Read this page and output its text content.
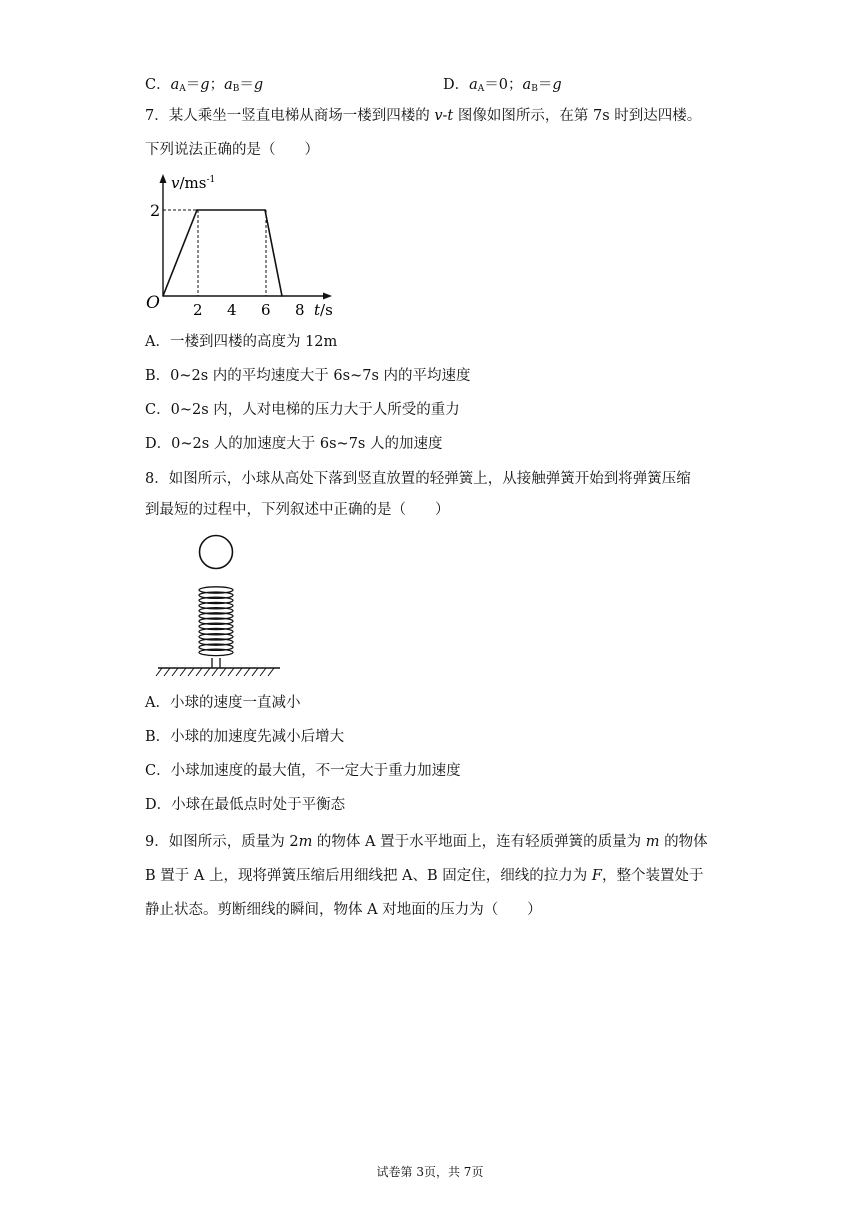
C．$a_A=g$；$a_B=g$	D．$a_A=0$；$a_B=g$
7．某人乘坐一竖直电梯从商场一楼到四楼的 v-t 图像如图所示，在第 7s 时到达四楼。
下列说法正确的是（　　）
2
O 2 4 6 8
$v/ms^{-1}$
t/s
A．一楼到四楼的高度为 12m
B．0~2s 内的平均速度大于 6s~7s 内的平均速度
C．0~2s 内，人对电梯的压力大于人所受的重力
D．0~2s 人的加速度大于 6s~7s 人的加速度
8．如图所示，小球从高处下落到竖直放置的轻弹簧上，从接触弹簧开始到将弹簧压缩
到最短的过程中，下列叙述中正确的是（　　）
A．小球的速度一直减小
B．小球的加速度先减小后增大
C．小球加速度的最大值，不一定大于重力加速度
D．小球在最低点时处于平衡态
9．如图所示，质量为 2m 的物体 A 置于水平地面上，连有轻质弹簧的质量为 m 的物体
B 置于 A 上，现将弹簧压缩后用细线把 A、B 固定住，细线的拉力为 F，整个装置处于
静止状态。剪断细线的瞬间，物体 A 对地面的压力为（　　）
试卷第 3页，共 7页
